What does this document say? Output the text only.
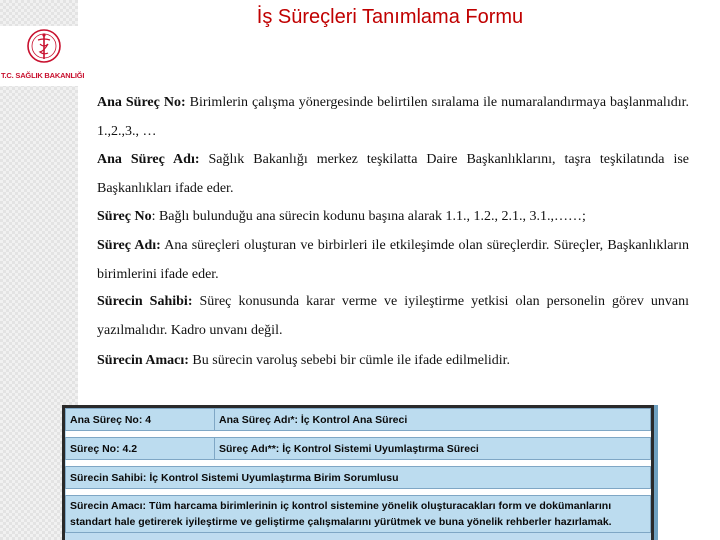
T.C. SAĞLIK BAKANLIĞI
İş Süreçleri Tanımlama Formu
Ana Süreç No: Birimlerin çalışma yönergesinde belirtilen sıralama ile numaralandırmaya başlanmalıdır. 1.,2.,3., …
Ana Süreç Adı: Sağlık Bakanlığı merkez teşkilatta Daire Başkanlıklarını, taşra teşkilatında ise Başkanlıkları ifade eder.
Süreç No: Bağlı bulunduğu ana sürecin kodunu başına alarak 1.1., 1.2., 2.1., 3.1.,……;
Süreç Adı: Ana süreçleri oluşturan ve birbirleri ile etkileşimde olan süreçlerdir. Süreçler, Başkanlıkların birimlerini ifade eder.
Sürecin Sahibi: Süreç konusunda karar verme ve iyileştirme yetkisi olan personelin görev unvanı yazılmalıdır. Kadro unvanı değil.
Sürecin Amacı: Bu sürecin varoluş sebebi bir cümle ile ifade edilmelidir.
Ana Süreç No: 4	Ana Süreç Adı*: İç Kontrol Ana Süreci

Süreç No: 4.2	Süreç Adı**: İç Kontrol Sistemi Uyumlaştırma Süreci

Sürecin Sahibi: İç Kontrol Sistemi Uyumlaştırma Birim Sorumlusu	

Sürecin Amacı: Tüm harcama birimlerinin iç kontrol sistemine yönelik oluşturacakları form ve dokümanlarını standart hale getirerek iyileştirme ve geliştirme çalışmalarını yürütmek ve buna yönelik rehberler hazırlamak.	
